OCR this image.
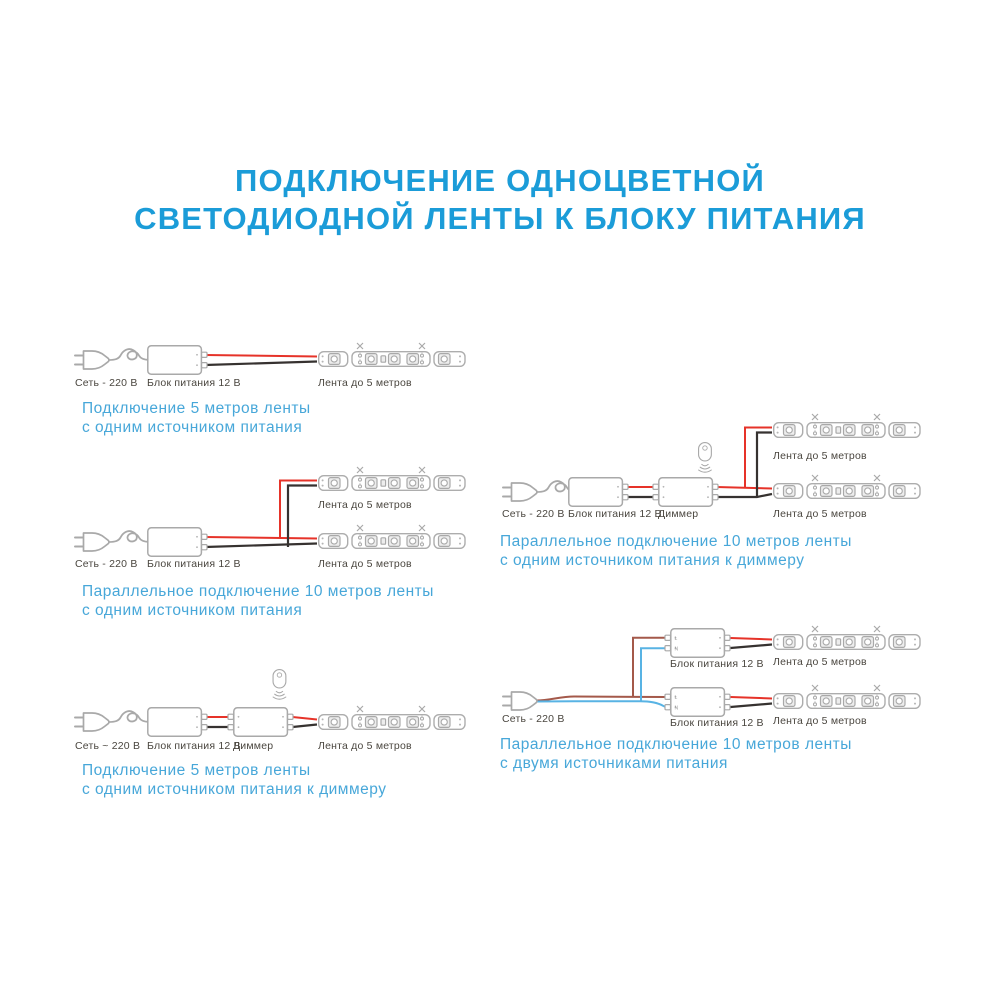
L
N
L
N
ПОДКЛЮЧЕНИЕ ОДНОЦВЕТНОЙ
СВЕТОДИОДНОЙ ЛЕНТЫ К БЛОКУ ПИТАНИЯ
Сеть - 220 В Блок питания 12 В	Лента до 5 метров
Подключение 5 метров ленты
с одним источником питания
Лента до 5 метров
Сеть - 220 В Блок питания 12 В	Лента до 5 метров
Параллельное подключение 10 метров ленты
с одним источником питания
Сеть ~ 220 В Блок питания 12 В
Диммер	Лента до 5 метров
Подключение 5 метров ленты
с одним источником питания к диммеру
Лента до 5 метров
Сеть - 220 В Блок питания 12 В
Диммер	Лента до 5 метров
Параллельное подключение 10 метров ленты
с одним источником питания к диммеру
Лента до 5 метров
Блок питания 12 В
Сеть - 220 В	Лента до 5 метров
Блок питания 12 В
Параллельное подключение 10 метров ленты
с двумя источниками питания
